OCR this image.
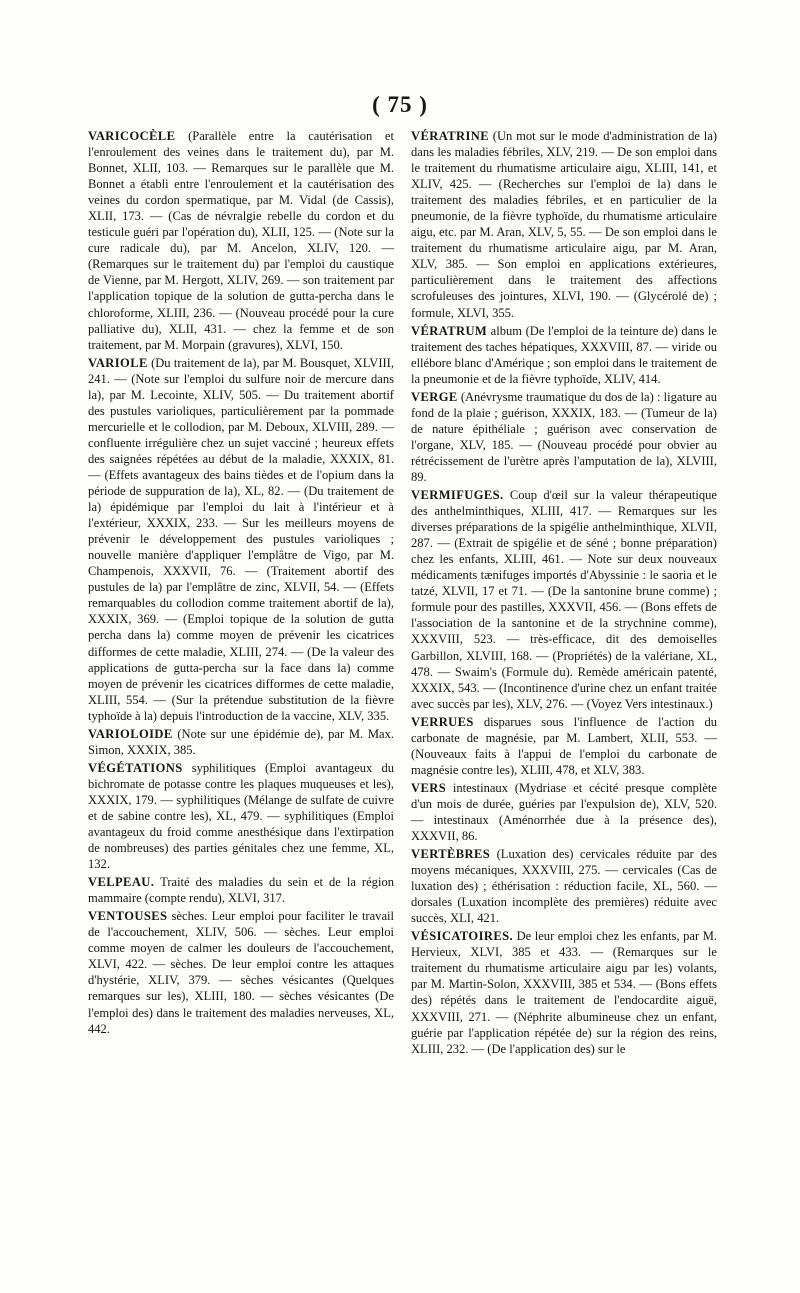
( 75 )

VARICOCÈLE (Parallèle entre la cautérisation et l'enroulement des veines dans le traitement du), par M. Bonnet, XLII, 103. — Remarques sur le parallèle que M. Bonnet a établi entre l'enroulement et la cautérisation des veines du cordon spermatique, par M. Vidal (de Cassis), XLII, 173. — (Cas de névralgie rebelle du cordon et du testicule guéri par l'opération du), XLII, 125. — (Note sur la cure radicale du), par M. Ancelon, XLIV, 120. — (Remarques sur le traitement du) par l'emploi du caustique de Vienne, par M. Hergott, XLIV, 269. — son traitement par l'application topique de la solution de gutta-percha dans le chloroforme, XLIII, 236. — (Nouveau procédé pour la cure palliative du), XLII, 431. — chez la femme et de son traitement, par M. Morpain (gravures), XLVI, 150.

VARIOLE (Du traitement de la), par M. Bousquet, XLVIII, 241. — (Note sur l'emploi du sulfure noir de mercure dans la), par M. Lecointe, XLIV, 505. — Du traitement abortif des pustules varioliques, particulièrement par la pommade mercurielle et le collodion, par M. Deboux, XLVIII, 289. — confluente irrégulière chez un sujet vacciné ; heureux effets des saignées répétées au début de la maladie, XXXIX, 81. — (Effets avantageux des bains tièdes et de l'opium dans la période de suppuration de la), XL, 82. — (Du traitement de la) épidémique par l'emploi du lait à l'intérieur et à l'extérieur, XXXIX, 233. — Sur les meilleurs moyens de prévenir le développement des pustules varioliques ; nouvelle manière d'appliquer l'emplâtre de Vigo, par M. Champenois, XXXVII, 76. — (Traitement abortif des pustules de la) par l'emplâtre de zinc, XLVII, 54. — (Effets remarquables du collodion comme traitement abortif de la), XXXIX, 369. — (Emploi topique de la solution de gutta percha dans la) comme moyen de prévenir les cicatrices difformes de cette maladie, XLIII, 274. — (De la valeur des applications de gutta-percha sur la face dans la) comme moyen de prévenir les cicatrices difformes de cette maladie, XLIII, 554. — (Sur la prétendue substitution de la fièvre typhoïde à la) depuis l'introduction de la vaccine, XLV, 335.

VARIOLOIDE (Note sur une épidémie de), par M. Max. Simon, XXXIX, 385.

VÉGÉTATIONS syphilitiques (Emploi avantageux du bichromate de potasse contre les plaques muqueuses et les), XXXIX, 179. — syphilitiques (Mélange de sulfate de cuivre et de sabine contre les), XL, 479. — syphilitiques (Emploi avantageux du froid comme anesthésique dans l'extirpation de nombreuses) des parties génitales chez une femme, XL, 132.

VELPEAU. Traité des maladies du sein et de la région mammaire (compte rendu), XLVI, 317.

VENTOUSES sèches. Leur emploi pour faciliter le travail de l'accouchement, XLIV, 506. — sèches. Leur emploi comme moyen de calmer les douleurs de l'accouchement, XLVI, 422. — sèches. De leur emploi contre les attaques d'hystérie, XLIV, 379. — sèches vésicantes (Quelques remarques sur les), XLIII, 180. — sèches vésicantes (De l'emploi des) dans le traitement des maladies nerveuses, XL, 442.

VÉRATRINE (Un mot sur le mode d'administration de la) dans les maladies fébriles, XLV, 219. — De son emploi dans le traitement du rhumatisme articulaire aigu, XLIII, 141, et XLIV, 425. — (Recherches sur l'emploi de la) dans le traitement des maladies fébriles, et en particulier de la pneumonie, de la fièvre typhoïde, du rhumatisme articulaire aigu, etc. par M. Aran, XLV, 5, 55. — De son emploi dans le traitement du rhumatisme articulaire aigu, par M. Aran, XLV, 385. — Son emploi en applications extérieures, particulièrement dans le traitement des affections scrofuleuses des jointures, XLVI, 190. — (Glycérolé de) ; formule, XLVI, 355.

VÉRATRUM album (De l'emploi de la teinture de) dans le traitement des taches hépatiques, XXXVIII, 87. — viride ou ellébore blanc d'Amérique ; son emploi dans le traitement de la pneumonie et de la fièvre typhoïde, XLIV, 414.

VERGE (Anévrysme traumatique du dos de la) : ligature au fond de la plaie ; guérison, XXXIX, 183. — (Tumeur de la) de nature épithéliale ; guérison avec conservation de l'organe, XLV, 185. — (Nouveau procédé pour obvier au rétrécissement de l'urètre après l'amputation de la), XLVIII, 89.

VERMIFUGES. Coup d'œil sur la valeur thérapeutique des anthelminthiques, XLIII, 417. — Remarques sur les diverses préparations de la spigélie anthelminthique, XLVII, 287. — (Extrait de spigélie et de séné ; bonne préparation) chez les enfants, XLIII, 461. — Note sur deux nouveaux médicaments tænifuges importés d'Abyssinie : le saoria et le tatzé, XLVII, 17 et 71. — (De la santonine brune comme) ; formule pour des pastilles, XXXVII, 456. — (Bons effets de l'association de la santonine et de la strychnine comme), XXXVIII, 523. — très-efficace, dit des demoiselles Garbillon, XLVIII, 168. — (Propriétés) de la valériane, XL, 478. — Swaim's (Formule du). Remède américain patenté, XXXIX, 543. — (Incontinence d'urine chez un enfant traitée avec succès par les), XLV, 276. — (Voyez Vers intestinaux.)

VERRUES disparues sous l'influence de l'action du carbonate de magnésie, par M. Lambert, XLII, 553. — (Nouveaux faits à l'appui de l'emploi du carbonate de magnésie contre les), XLIII, 478, et XLV, 383.

VERS intestinaux (Mydriase et cécité presque complète d'un mois de durée, guéries par l'expulsion de), XLV, 520. — intestinaux (Aménorrhée due à la présence des), XXXVII, 86.

VERTÈBRES (Luxation des) cervicales réduite par des moyens mécaniques, XXXVIII, 275. — cervicales (Cas de luxation des) ; éthérisation : réduction facile, XL, 560. — dorsales (Luxation incomplète des premières) réduite avec succès, XLI, 421.

VÉSICATOIRES. De leur emploi chez les enfants, par M. Hervieux, XLVI, 385 et 433. — (Remarques sur le traitement du rhumatisme articulaire aigu par les) volants, par M. Martin-Solon, XXXVIII, 385 et 534. — (Bons effets des) répétés dans le traitement de l'endocardite aiguë, XXXVIII, 271. — (Néphrite albumineuse chez un enfant, guérie par l'application répétée de) sur la région des reins, XLIII, 232. — (De l'application des) sur le
